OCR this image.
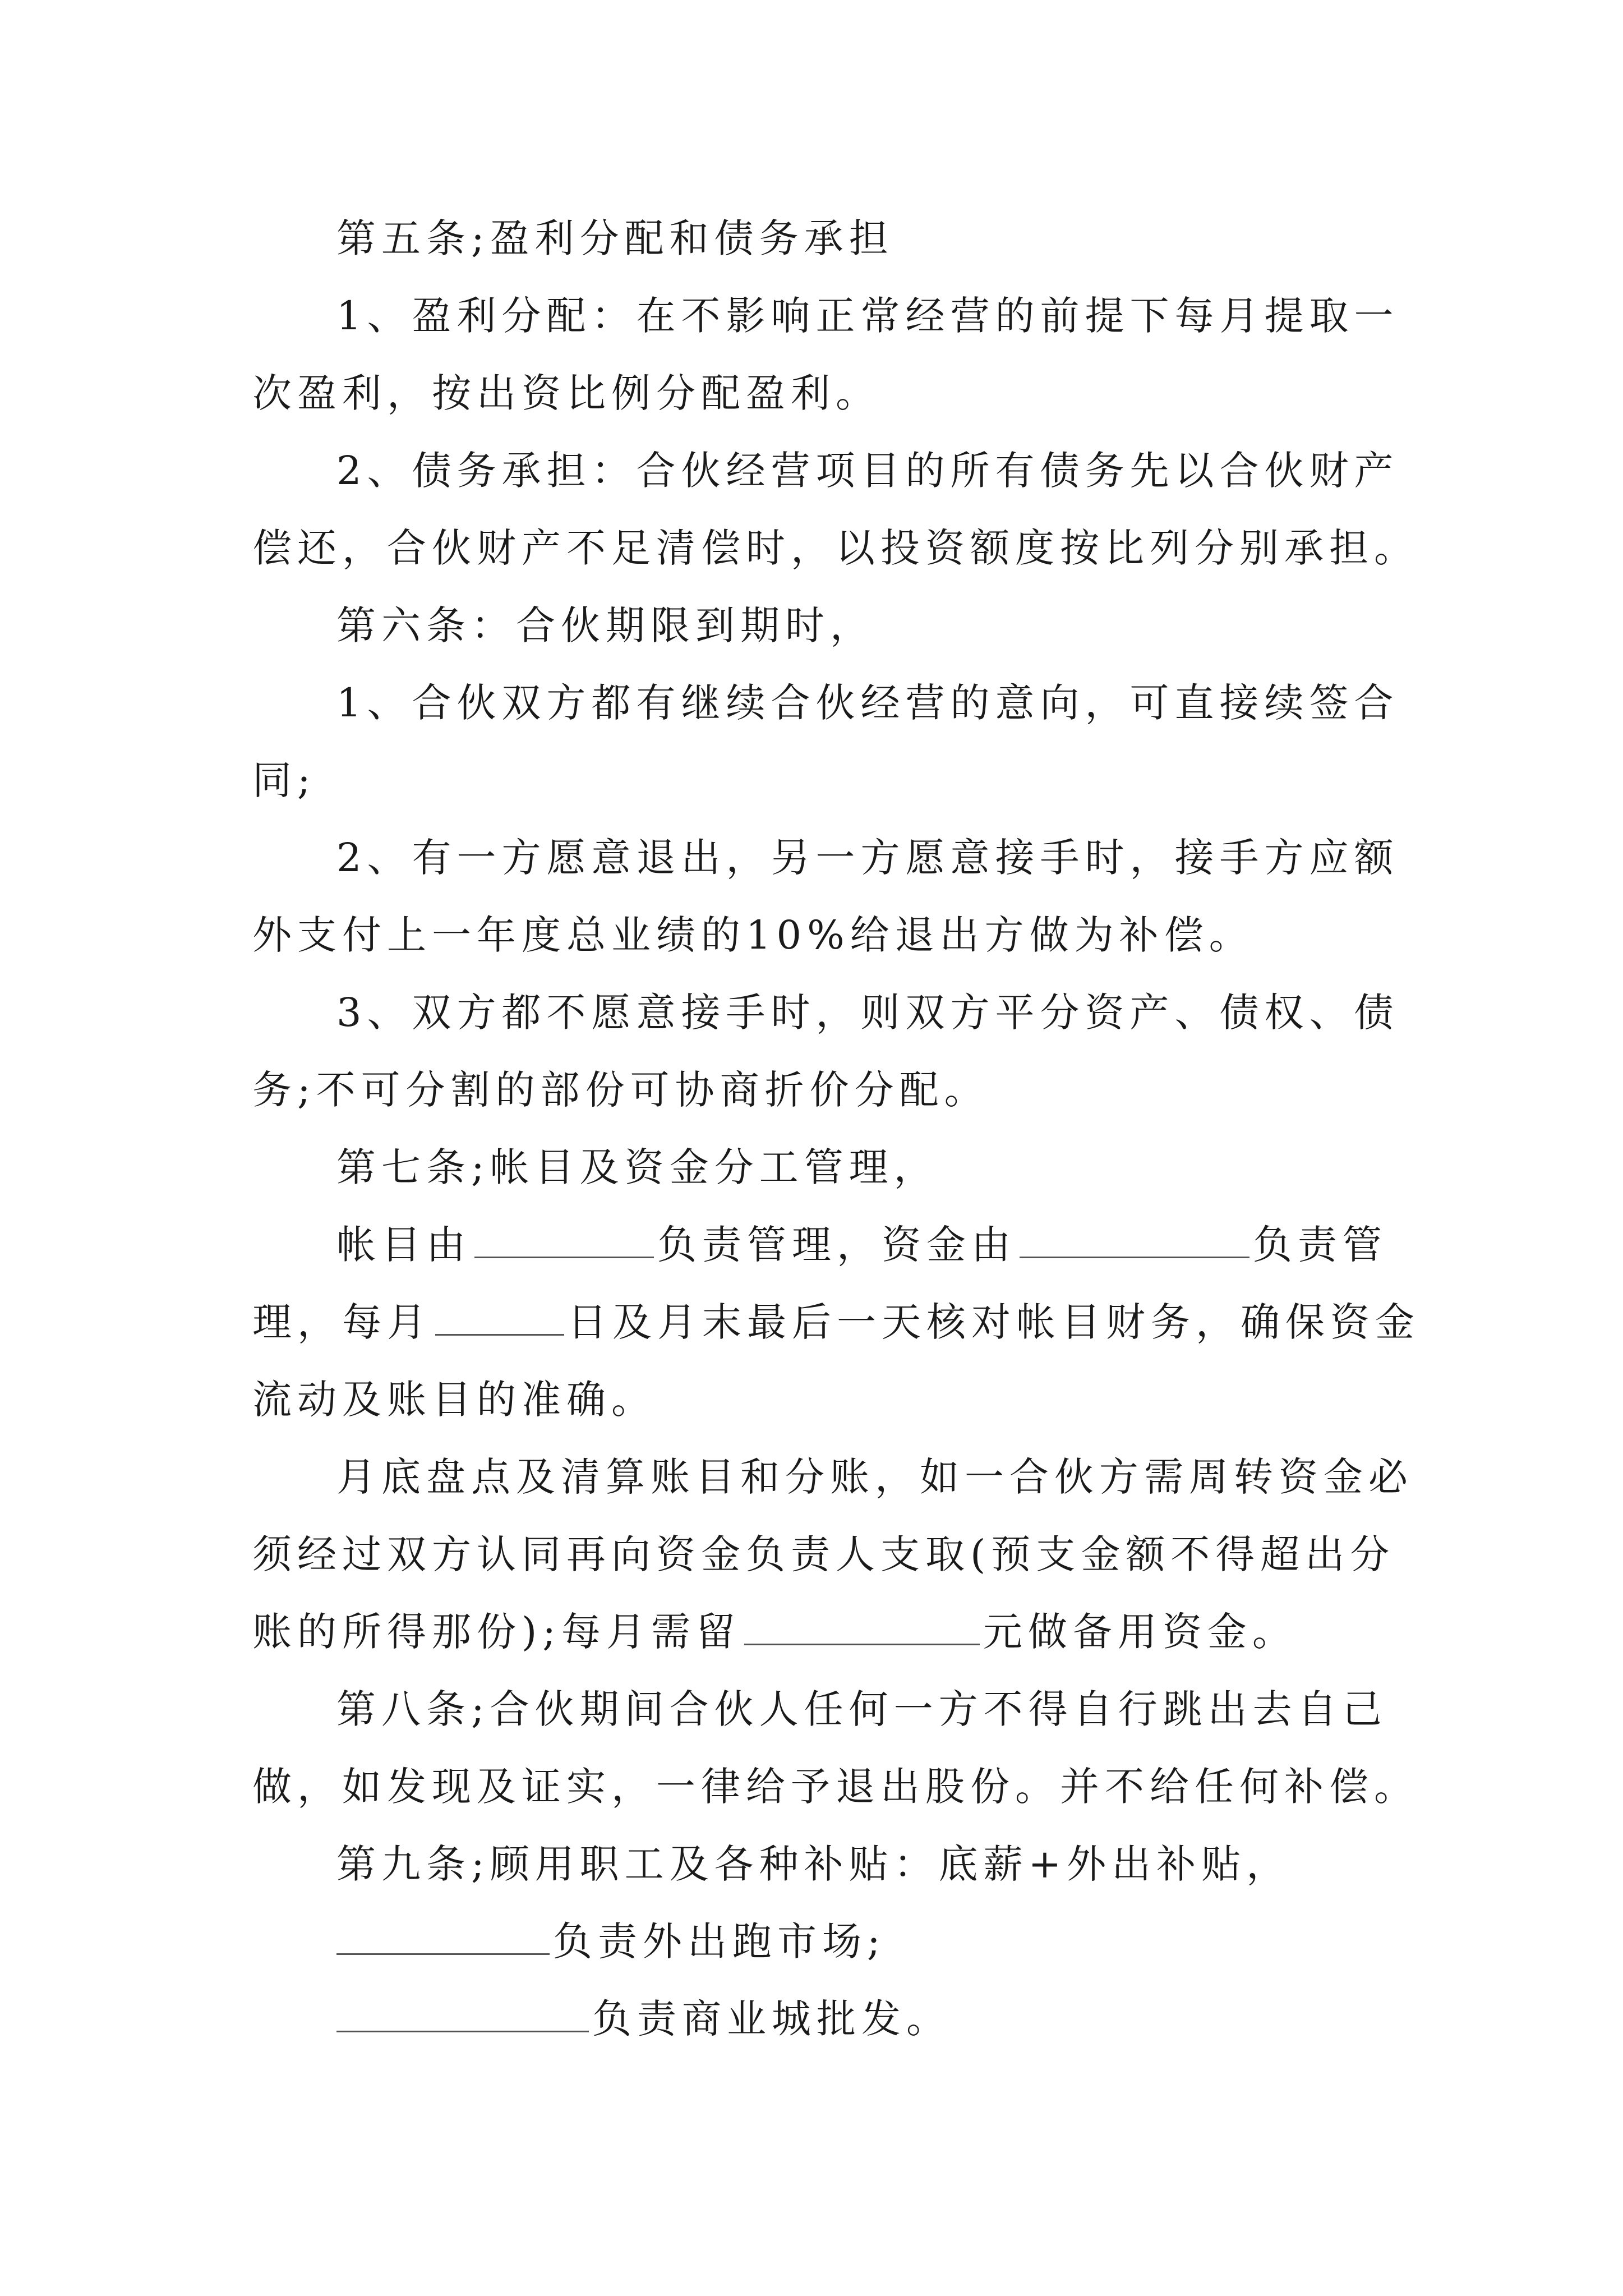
第五条;盈利分配和债务承担
1、盈利分配：在不影响正常经营的前提下每月提取一
次盈利，按出资比例分配盈利。
2、债务承担：合伙经营项目的所有债务先以合伙财产
偿还，合伙财产不足清偿时，以投资额度按比列分别承担。
第六条：合伙期限到期时，
1、合伙双方都有继续合伙经营的意向，可直接续签合
同;
2、有一方愿意退出，另一方愿意接手时，接手方应额
外支付上一年度总业绩的10%给退出方做为补偿。
3、双方都不愿意接手时，则双方平分资产、债权、债
务;不可分割的部份可协商折价分配。
第七条;帐目及资金分工管理，
帐目由	负责管理，资金由	负责管
理，每月	日及月末最后一天核对帐目财务，确保资金
流动及账目的准确。
月底盘点及清算账目和分账，如一合伙方需周转资金必
须经过双方认同再向资金负责人支取(预支金额不得超出分
账的所得那份);每月需留	元做备用资金。
第八条;合伙期间合伙人任何一方不得自行跳出去自己
做，如发现及证实，一律给予退出股份。并不给任何补偿。
第九条;顾用职工及各种补贴：底薪+外出补贴，
负责外出跑市场;
负责商业城批发。
